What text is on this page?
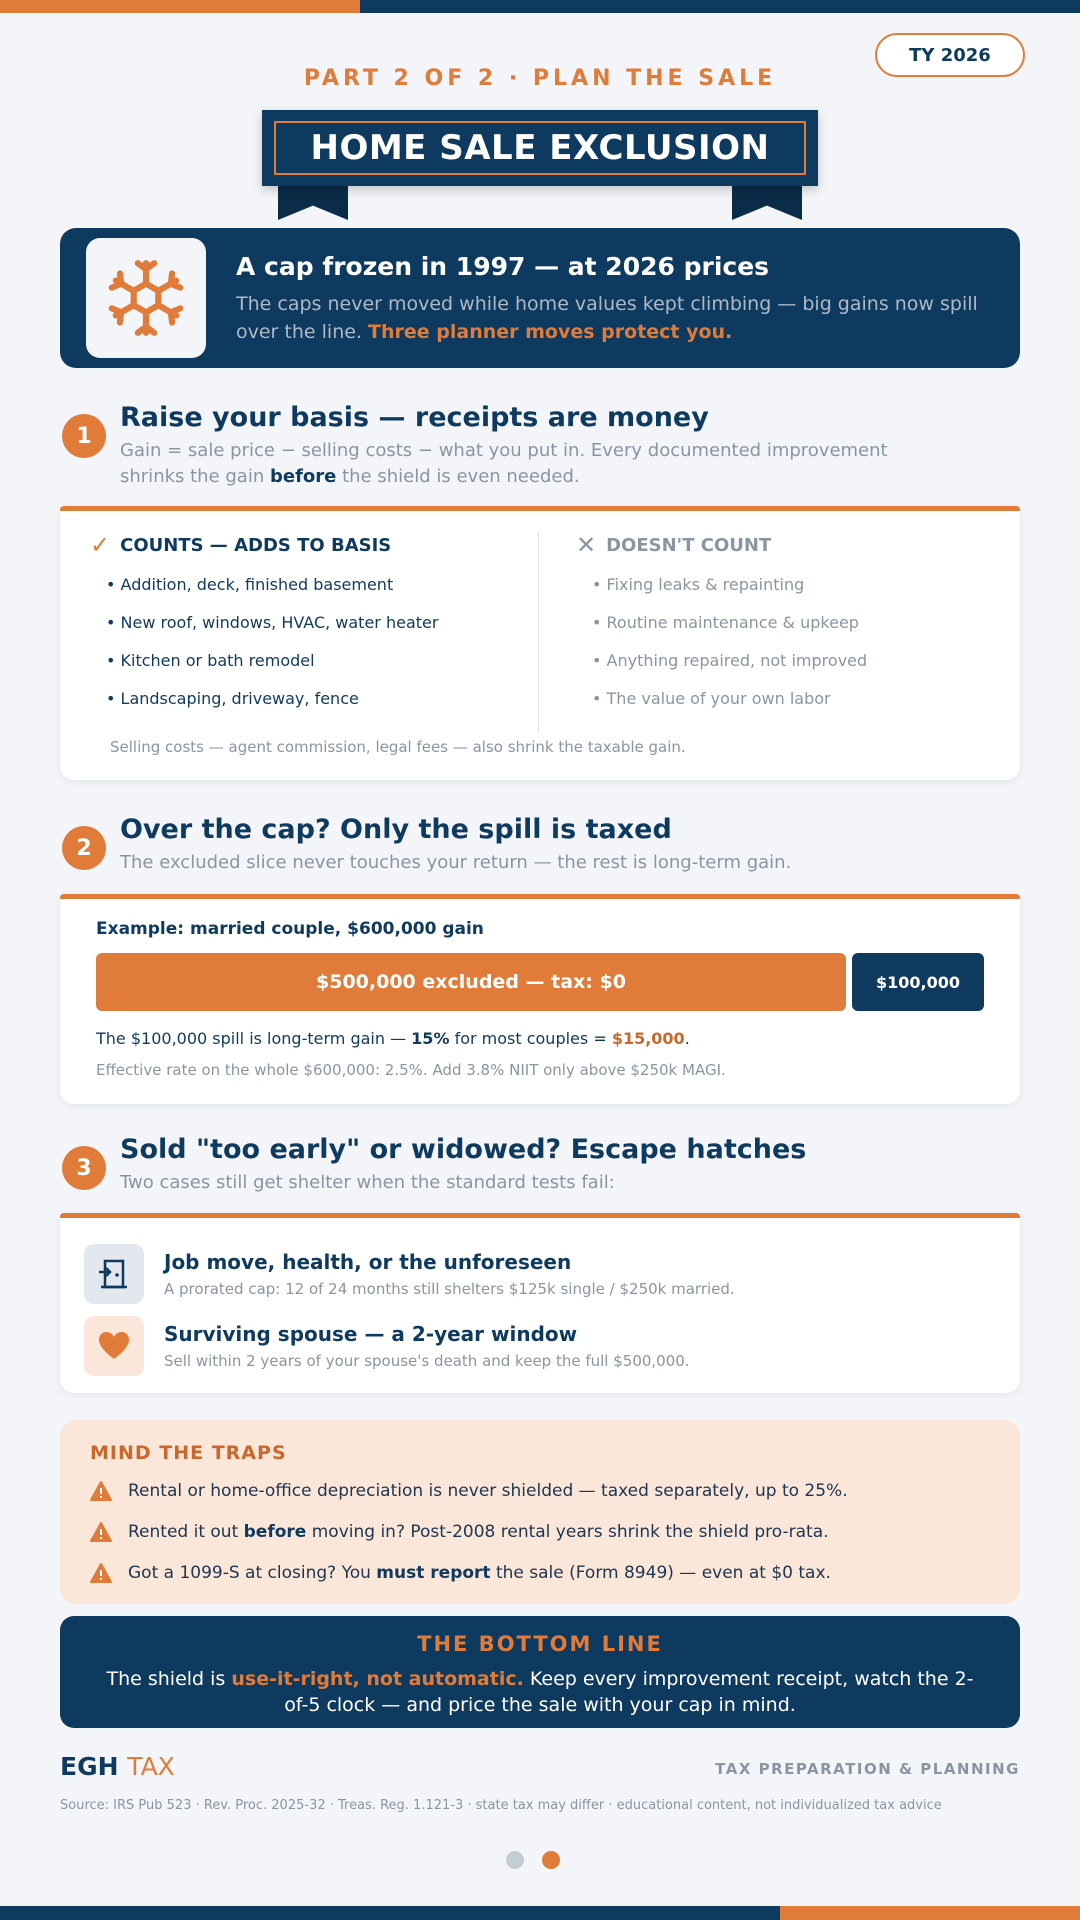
TY 2026
PART 2 OF 2 · PLAN THE SALE
HOME SALE EXCLUSION
A cap frozen in 1997 — at 2026 prices
The caps never moved while home values kept climbing — big gains now spill over the line. Three planner moves protect you.
1
Raise your basis — receipts are money
Gain = sale price − selling costs − what you put in. Every documented improvement shrinks the gain before the shield is even needed.
✓ COUNTS — ADDS TO BASIS
• Addition, deck, finished basement
• New roof, windows, HVAC, water heater
• Kitchen or bath remodel
• Landscaping, driveway, fence
✕ DOESN'T COUNT
• Fixing leaks & repainting
• Routine maintenance & upkeep
• Anything repaired, not improved
• The value of your own labor
Selling costs — agent commission, legal fees — also shrink the taxable gain.
2
Over the cap? Only the spill is taxed
The excluded slice never touches your return — the rest is long-term gain.
Example: married couple, $600,000 gain
$500,000 excluded — tax: $0	$100,000
The $100,000 spill is long-term gain — 15% for most couples = $15,000.
Effective rate on the whole $600,000: 2.5%. Add 3.8% NIIT only above $250k MAGI.
3
Sold "too early" or widowed? Escape hatches
Two cases still get shelter when the standard tests fail:
Job move, health, or the unforeseen
A prorated cap: 12 of 24 months still shelters $125k single / $250k married.
Surviving spouse — a 2-year window
Sell within 2 years of your spouse's death and keep the full $500,000.
MIND THE TRAPS
Rental or home-office depreciation is never shielded — taxed separately, up to 25%.
Rented it out before moving in? Post-2008 rental years shrink the shield pro-rata.
Got a 1099-S at closing? You must report the sale (Form 8949) — even at $0 tax.
THE BOTTOM LINE
The shield is use-it-right, not automatic. Keep every improvement receipt, watch the 2-of-5 clock — and price the sale with your cap in mind.
EGH TAX	TAX PREPARATION & PLANNING
Source: IRS Pub 523 · Rev. Proc. 2025-32 · Treas. Reg. 1.121-3 · state tax may differ · educational content, not individualized tax advice
